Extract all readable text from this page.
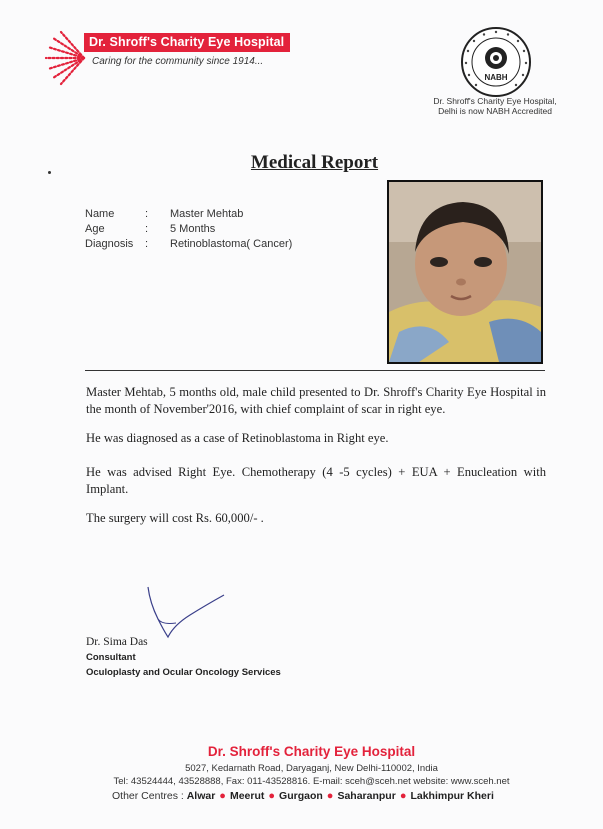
Dr. Shroff's Charity Eye Hospital
Caring for the community since 1914...
NABH
Dr. Shroff's Charity Eye Hospital,
Delhi is now NABH Accredited
Medical Report
Name	: Master Mehtab
Age	: 5 Months
Diagnosis : Retinoblastoma( Cancer)
Master Mehtab, 5 months old, male child presented to Dr. Shroff's Charity Eye Hospital in the month of November'2016, with chief complaint of scar in right eye.
He was diagnosed as a case of Retinoblastoma in Right eye.
He was advised Right Eye. Chemotherapy (4 -5 cycles) + EUA + Enucleation with Implant.
The surgery will cost Rs. 60,000/- .
Dr. Sima Das
Consultant
Oculoplasty and Ocular Oncology Services
Dr. Shroff's Charity Eye Hospital
5027, Kedarnath Road, Daryaganj, New Delhi-110002, India
Tel: 43524444, 43528888, Fax: 011-43528816. E-mail: sceh@sceh.net website: www.sceh.net
Other Centres : Alwar ● Meerut ● Gurgaon ● Saharanpur ● Lakhimpur Kheri
